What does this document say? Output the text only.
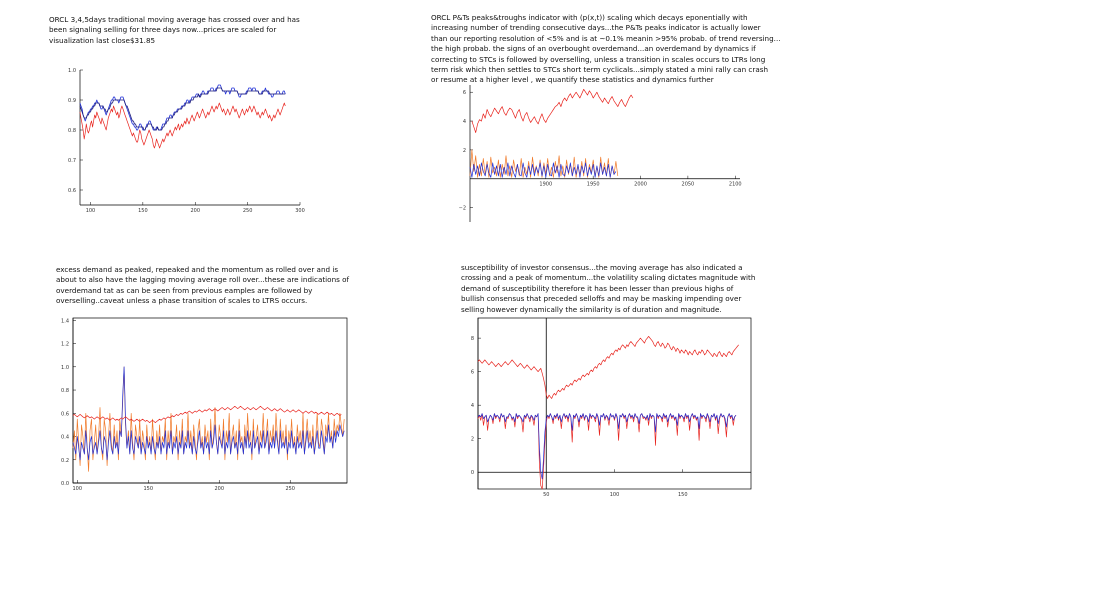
ORCL 3,4,5days traditional moving average has crossed over and has
been signaling selling for three days now...prices are scaled for
visualization last close$31.85

ORCL P&Ts peaks&troughs indicator with (p(x,t)) scaling which decays eponentially with
increasing number of trending consecutive days...the P&Ts peaks indicator is actually lower
than our reporting resolution of <5% and is at ~0.1% meanin >95% probab. of trend reversing...
the high probab. the signs of an overbought overdemand...an overdemand by dynamics if
correcting to STCs is followed by overselling, unless a transition in scales occurs to LTRs long
term risk which then settles to STCs short term cyclicals...simply stated a mini rally can crash
or resume at a higher level , we quantify these statistics and dynamics further

excess demand as peaked, repeaked and the momentum as rolled over and is
about to also have the lagging moving average roll over...these are indications of
overdemand tat as can be seen from previous eamples are followed by
overselling..caveat unless a phase transition of scales to LTRS occurs.

susceptibility of investor consensus...the moving average has also indicated a
crossing and a peak of momentum...the volatility scaling dictates magnitude with
demand of susceptibility therefore it has been lesser than previous highs of
bullish consensus that preceded selloffs and may be masking impending over
selling however dynamically the similarity is of duration and magnitude.

100	150	200	250	300
0.6
0.7
0.8
0.9
1.0
1900	1950	2000	2050	2100
−2
2
4
6
100	150	200	250
0.0
0.2
0.4
0.6
0.8
1.0
1.2
1.4
50	100	150
0
2
4
6
8
